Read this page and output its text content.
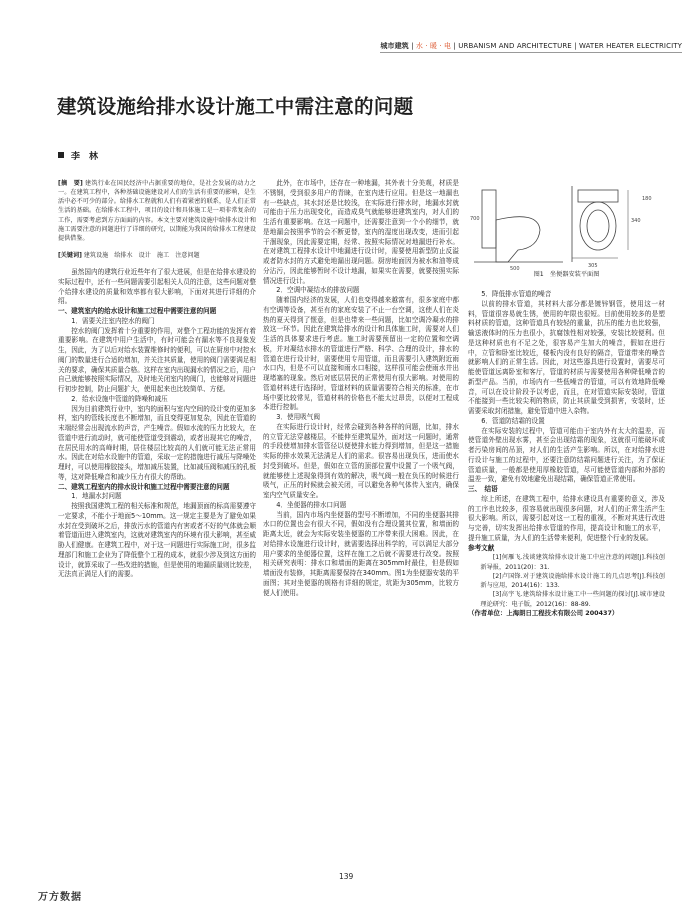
城市建筑 | 水 · 暖 · 电 | URBANISM AND ARCHITECTURE | WATER HEATER ELECTRICITY
建筑设施给排水设计施工中需注意的问题
李　林

[摘　要] 建筑行业在国民经济中占据重要的地位，是社会发展的动力之一。在建筑工程中，各种基础设施建设对人们的生活有重要的影响，是生活中必不可少的部分。给排水工程就和人们有着紧密的联系，是人们正常生活的基础。在给排水工程中，项目的设计和具体施工是一项非常复杂的工作，需要考虑到方方面面的内容。本文主要对建筑设施中给排水设计和施工需要注意的问题进行了详细的研究，以期能为我国的给排水工程建设提供借鉴。

[关键词] 建筑设施　给排水　设计　施工　注意问题

虽然国内的建筑行业近些年有了很大进展，但是在给排水建设的实际过程中，还有一些问题需要引起相关人员的注意，这些问题对整个给排水建设的质量和效率都有很大影响，下面对其进行详细的介绍。

一、建筑室内的给水设计和施工过程中需要注意的问题

1．需要关注室内控水的阀门

控水的阀门发挥着十分重要的作用，对整个工程功能的发挥有着重要影响。在建筑中用户生活中，有时可能会有漏水等不良现象发生，因此，为了以后对给水装置维修时的便利，可以在厨房中对控水阀门的数量进行合适的增加，并关注其质量，使用的阀门需要满足相关的要求，确保其质量合格。这样在室内出现漏水的情况之后，用户自己就能够按照实际情况，及时地关闭室内的阀门，也能够对问题进行初步控制，防止问题扩大，使用起来也比较简单、方便。

2．给水设施中管道的降噪和减压

因为目前建筑行业中，室内的面积与室内空间的设计变的更加多样，室内的管线长度也不断增加，而且变得更加复杂，因此在管道的末端经常会出现流水的声音，产生噪音。假如水流的压力比较大，在管道中进行流动时，就可能使管道受到震动，或者出现其它的噪音，在居民用水的高峰时期，居住楼层比较高的人们就可能无法正常用水。因此在对给水设施中的管道，采取一定的措施进行减压与降噪处理时，可以使用橡胶接头，增加减压装置，比如减压阀和减压的孔板等，这对降低噪音和减少压力有很大的帮助。

二、建筑工程室内的排水设计和施工过程中需要注意的问题

1．地漏水封问题

按照我国建筑工程的相关标准和规范，地漏顶面的标高需要遵守一定要求，不能小于地面5～10mm。这一规定主要是为了避免如果水封在受到破坏之后，排放污水的管道内有害或者不好的气体就会顺着管道而进入建筑室内，这就对建筑室内的环境有很大影响，甚至威胁人们健康。在建筑工程中，对于这一问题进行实际施工时，很多监理部门和施工企业为了降低整个工程的成本，就很少涉及到这方面的设计，就算采取了一些改进的措施，但是使用的地漏质量则比较差，无法真正满足人们的需要。

此外，在市场中，还存在一种地漏，其外表十分美观，材质是不锈钢，受到很多用户的青睐，在室内进行应用。但是这一地漏也有一些缺点，其水封还是比较浅，在实际进行排水时，地漏水封就可能由于压力出现变化，而造成臭气就能够进建筑室内，对人们的生活有重要影响。在这一问题中，还需要注意到一个小的细节，就是地漏会按照季节的会不断更替，室内的湿度出现改变，进而引起干涸现象，因此需要定期，经常、按照实际情况对地漏进行补水。在对建筑工程排水设计中地漏进行设计时，需要使用新型防止反溢或者防水封的方式避免地漏出现问题。厨房地面因为被水和油等成分沾污，因此能够暂时不设计地漏，如果实在需要，就要按照实际情况进行设计。

2．空调中凝结水的排放问题

随着国内经济的发展，人们也变得越来越富有，很多家庭中都有空调等设备，甚至有的家庭安装了不止一台空调，这使人们在炎热的夏天得到了惬意，但是也带来一些问题，比如空调冷凝水的排放这一环节。因此在建筑给排水的设计和具体施工时，需要对人们生活的具体要求进行考虑。施工时需要预留出一定的位置和空调板，并对凝结水排水的管道进行严格、科学、合理的设计，排水的管道在进行设计时，需要使用专用管道，而且需要引入建筑附近雨水口内，但是不可以直接和雨水口相接，这样很可能会使雨水井出现堵塞的现象。然后对底层居民的正常使用有很大影响。对使用的管道材料进行选择时，管道材料的质量需要符合相关的标准，在市场中要比较常见，管道材料的价格也不能太过昂贵，以便对工程成本进行控制。

3．使用吸气阀

在实际进行设计时，经常会碰到各种各样的问题，比如，排水的立管无法穿越楼层，不能伸至建筑屋外，面对这一问题时，通常的手段使增加排水管管径以便使排水能力得到增加，但是这一措施实际的排水效果无法满足人们的需求。很容易出现负压，进而使水封受到破坏。但是，假如在立管的顶部位置中设置了一个吸气阀，就能够使上述现象得到有效的解决，吸气阀一般在负压的时候进行吸气，正压的时候就会被关闭，可以避免各种气体传入室内，确保室内空气质量安全。

4．坐便器的排水口问题

当前，国内市场内坐便器的型号不断增加，不同的坐便器其排水口的位置也会有很大不同，假如没有合理设置其位置，和墙面的距离太近，就会为实际安装坐便器的工序带来很大困难。因此，在对给排水设施进行设计时，就需要选择出科学的，可以满足大部分用户要求的坐便器位置，这样在施工之后就不需要进行改变。按照相关研究表明：排水口和墙面的距离在305mm时最佳，但是假如墙面没有装修，其距离需要保持在340mm。图1为坐便器安装的平面图；其对坐便器的规格有详细的规定，坑距为305mm，比较方便人们使用。

305
340
500
700
180
图1　坐便器安装平面图

5．降低排水管道的噪音

以前的排水管道，其材料大部分都是镀锌钢管，使用这一材料，管道很容易就生锈，使用的年限也很短。目前使用较多的是塑料材质的管道，这种管道具有较轻的重量，抗压的能力也比较强，输送液体时的压力也很小，抗腐蚀性相对较强，安装比较便利。但是这种材质也有不足之处，很容易产生加大的噪音，假如在进行中，立管和卧室比较近，楼板内没有良好的隔音，管道带来的噪音就影响人们的正常生活。因此，对这些器具进行设置时，需要尽可能使管道远离卧室和客厅，管道的材质与需要使用各种降低噪音的新型产品。当前，市场内有一些低噪音的管道，可以有效地降低噪音，可以在设计阶段予以考虑，而且，在对管道实际安装时，管道不能接到一些比较尖利的物质，防止其质量受到损害，安装时，还需要采取封闭措施，避免管道中进入杂物。

6．管道防结霜的设置

在实际安装的过程中，管道可能由于室内外有太大的温差，而使管道外壁出现水雾，甚至会出现结霜的现象，这就很可能破坏或者污染房间的吊顶，对人们的生活产生影响。所以，在对给排水进行设计与施工的过程中，还要注意防结霜问题进行关注，为了保证管道质量，一般都是使用厚橡胶管道，尽可能使管道内部和外部的温差一致，避免有效地避免出现结霜，确保管道正常使用。

三、　结语

综上所述，在建筑工程中，给排水建设具有重要的意义，涉及的工序也比较多，很容易就出现很多问题，对人们的正常生活产生很大影响。所以，需要引起对这一工程的重视，不断对其进行改进与完善，切实发挥出给排水管道的作用，提高设计和施工的水平，提升施工质量，为人们的生活带来便利，促进整个行业的发展。

参考文献

[1]何雁飞.浅谈建筑给排水设计施工中应注意的问题[J].科技创新导报，2011(20)：31.

[2]卢国锋.对于建筑设施给排水设计施工的几点思考[J].科技创新与应用，2014(16)：133.

[3]高宇飞.建筑给排水设计施工中一些问题的探讨[J].城市建设理论研究：电子版，2012(16)：88-89.

（作者单位：上海朗日工程技术有限公司 200437）

139
万方数据
